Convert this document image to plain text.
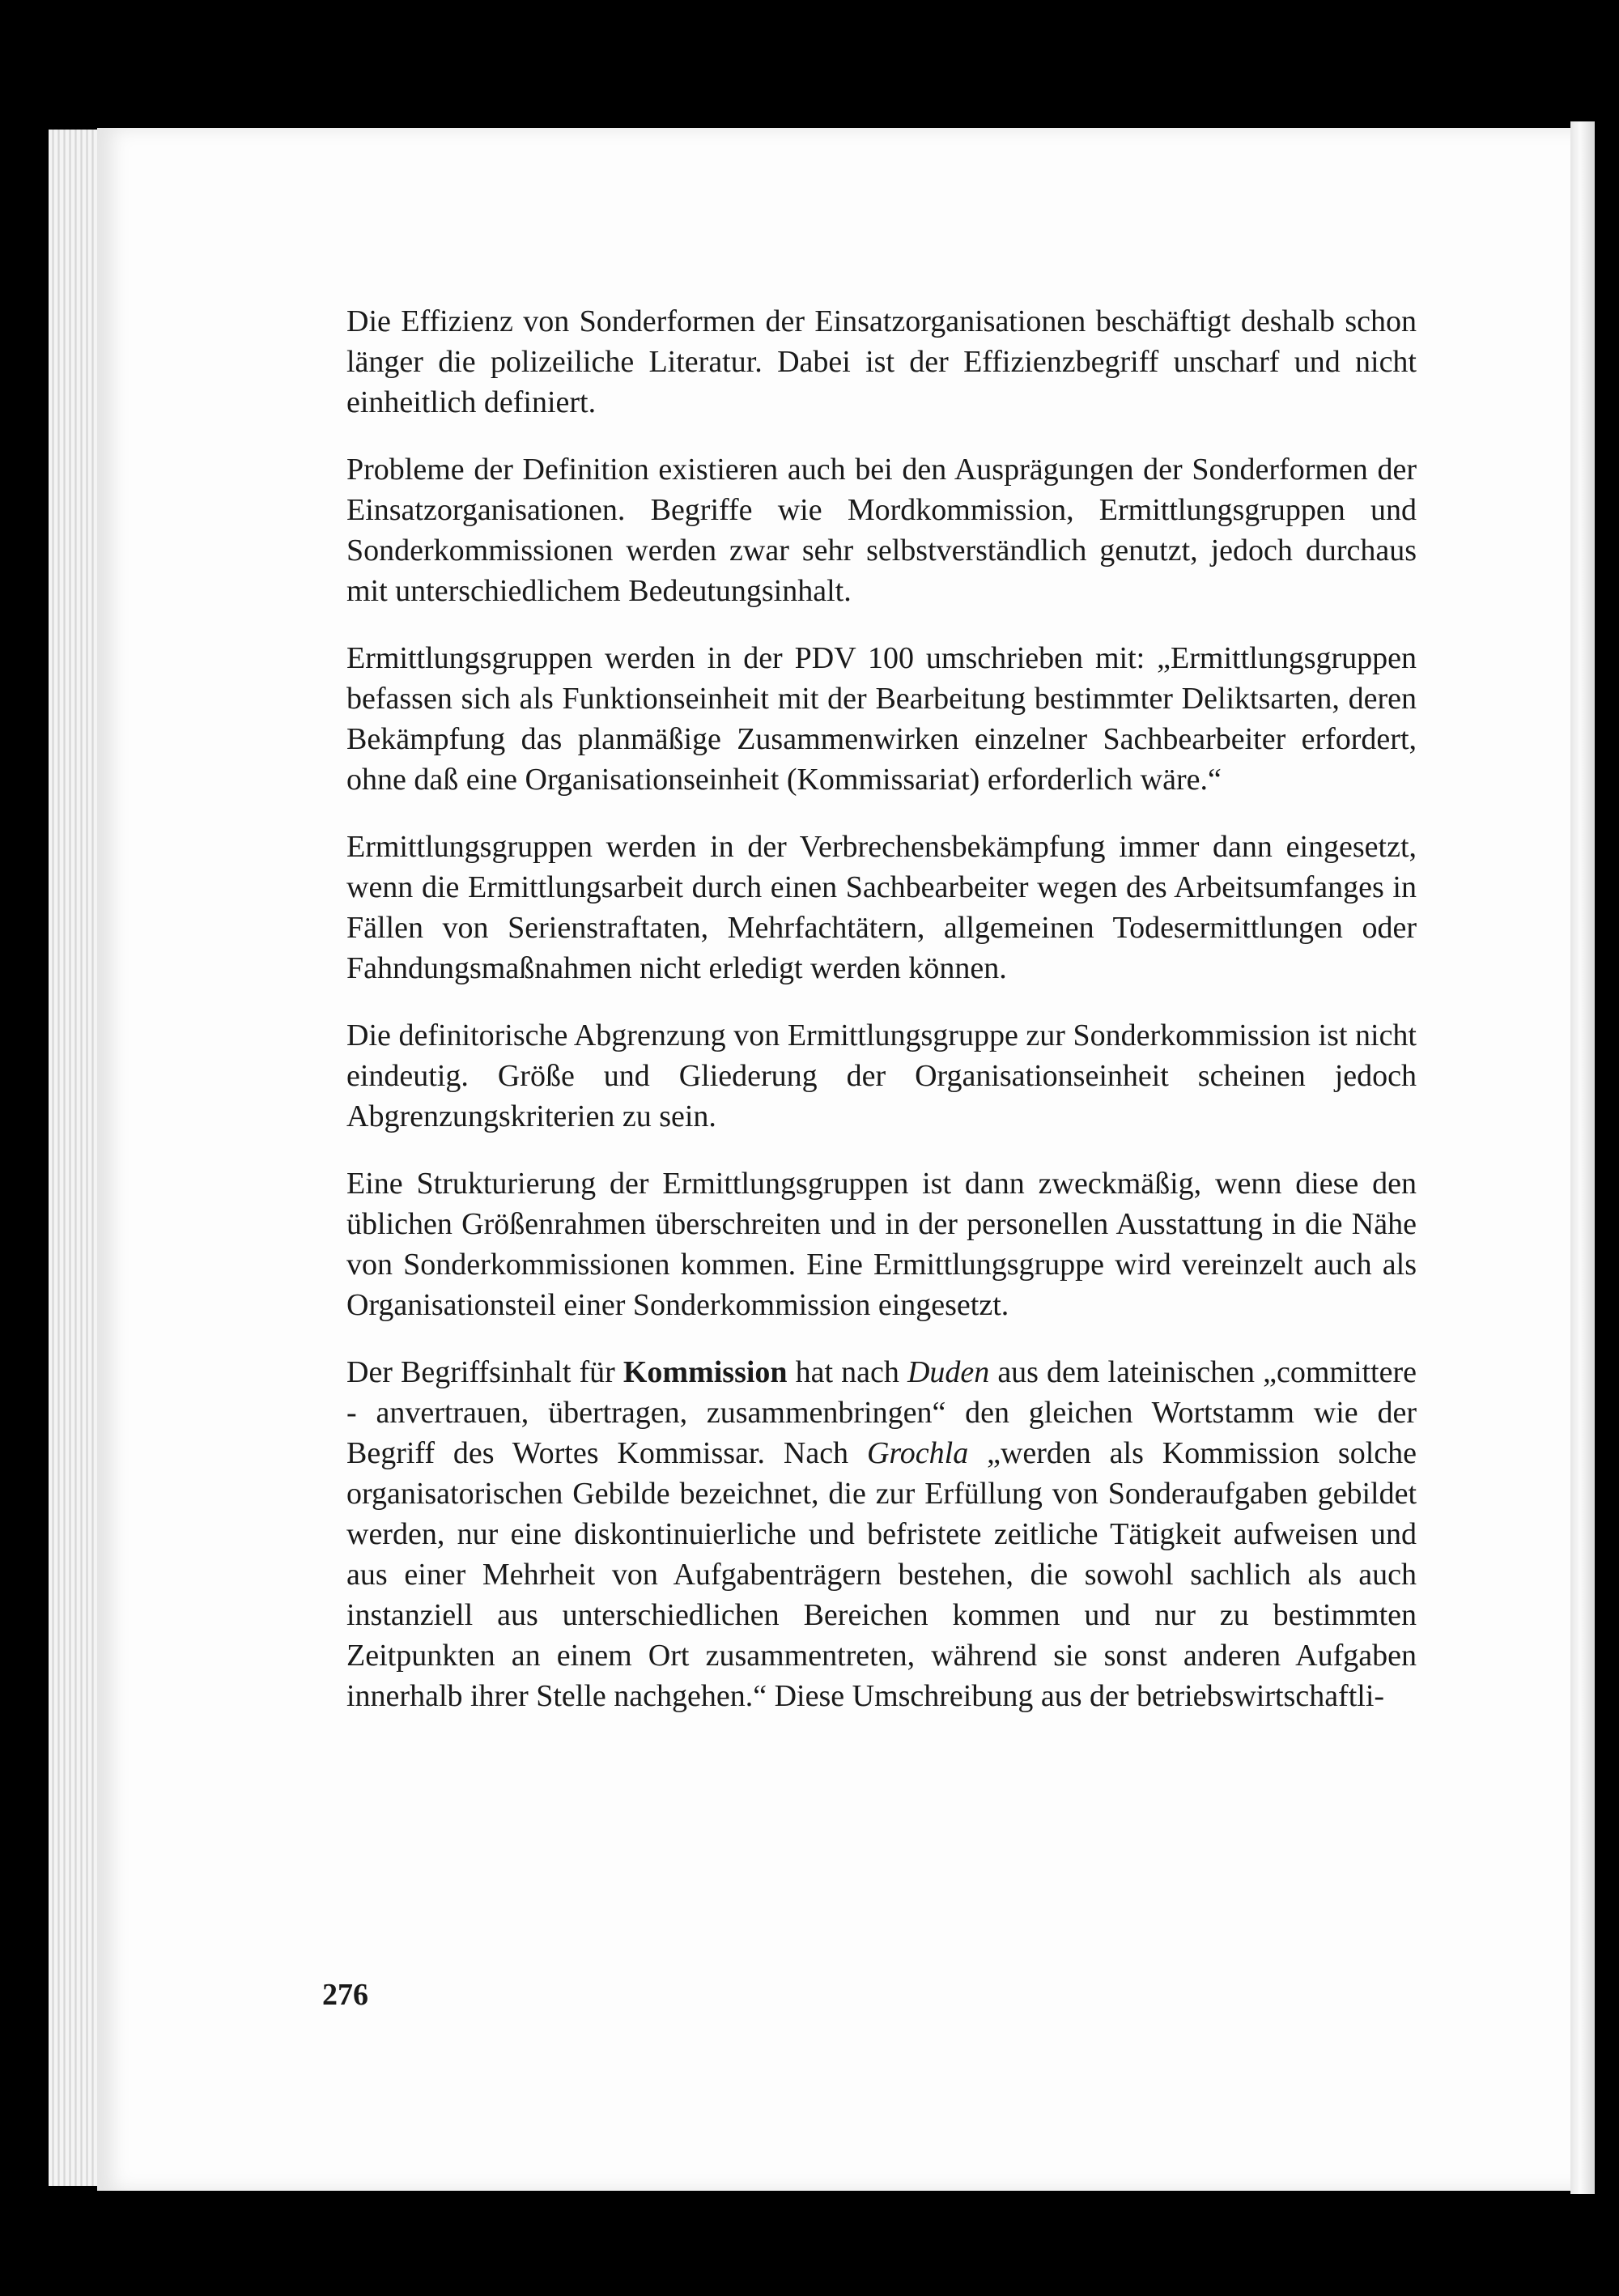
Die Effizienz von Sonderformen der Einsatzorganisationen beschäftigt deshalb schon länger die polizeiliche Literatur. Dabei ist der Effizienzbegriff unscharf und nicht einheitlich definiert.

Probleme der Definition existieren auch bei den Ausprägungen der Sonderformen der Einsatzorganisationen. Begriffe wie Mordkommission, Ermittlungsgruppen und Sonderkommissionen werden zwar sehr selbstverständlich genutzt, jedoch durchaus mit unterschiedlichem Bedeutungsinhalt.

Ermittlungsgruppen werden in der PDV 100 umschrieben mit: „Ermittlungsgruppen befassen sich als Funktionseinheit mit der Bearbeitung bestimmter Deliktsarten, deren Bekämpfung das planmäßige Zusammenwirken einzelner Sachbearbeiter erfordert, ohne daß eine Organisationseinheit (Kommissariat) erforderlich wäre.“

Ermittlungsgruppen werden in der Verbrechensbekämpfung immer dann eingesetzt, wenn die Ermittlungsarbeit durch einen Sachbearbeiter wegen des Arbeitsumfanges in Fällen von Serienstraftaten, Mehrfachtätern, allgemeinen Todesermittlungen oder Fahndungsmaßnahmen nicht erledigt werden können.

Die definitorische Abgrenzung von Ermittlungsgruppe zur Sonderkommission ist nicht eindeutig. Größe und Gliederung der Organisationseinheit scheinen jedoch Abgrenzungskriterien zu sein.

Eine Strukturierung der Ermittlungsgruppen ist dann zweckmäßig, wenn diese den üblichen Größenrahmen überschreiten und in der personellen Ausstattung in die Nähe von Sonderkommissionen kommen. Eine Ermittlungsgruppe wird vereinzelt auch als Organisationsteil einer Sonderkommission eingesetzt.

Der Begriffsinhalt für Kommission hat nach Duden aus dem lateinischen „committere - anvertrauen, übertragen, zusammenbringen“ den gleichen Wortstamm wie der Begriff des Wortes Kommissar. Nach Grochla „werden als Kommission solche organisatorischen Gebilde bezeichnet, die zur Erfüllung von Sonderaufgaben gebildet werden, nur eine diskontinuierliche und befristete zeitliche Tätigkeit aufweisen und aus einer Mehrheit von Aufgabenträgern bestehen, die sowohl sachlich als auch instanziell aus unterschiedlichen Bereichen kommen und nur zu bestimmten Zeitpunkten an einem Ort zusammentreten, während sie sonst anderen Aufgaben innerhalb ihrer Stelle nachgehen.“ Diese Umschreibung aus der betriebswirtschaftli-

276
